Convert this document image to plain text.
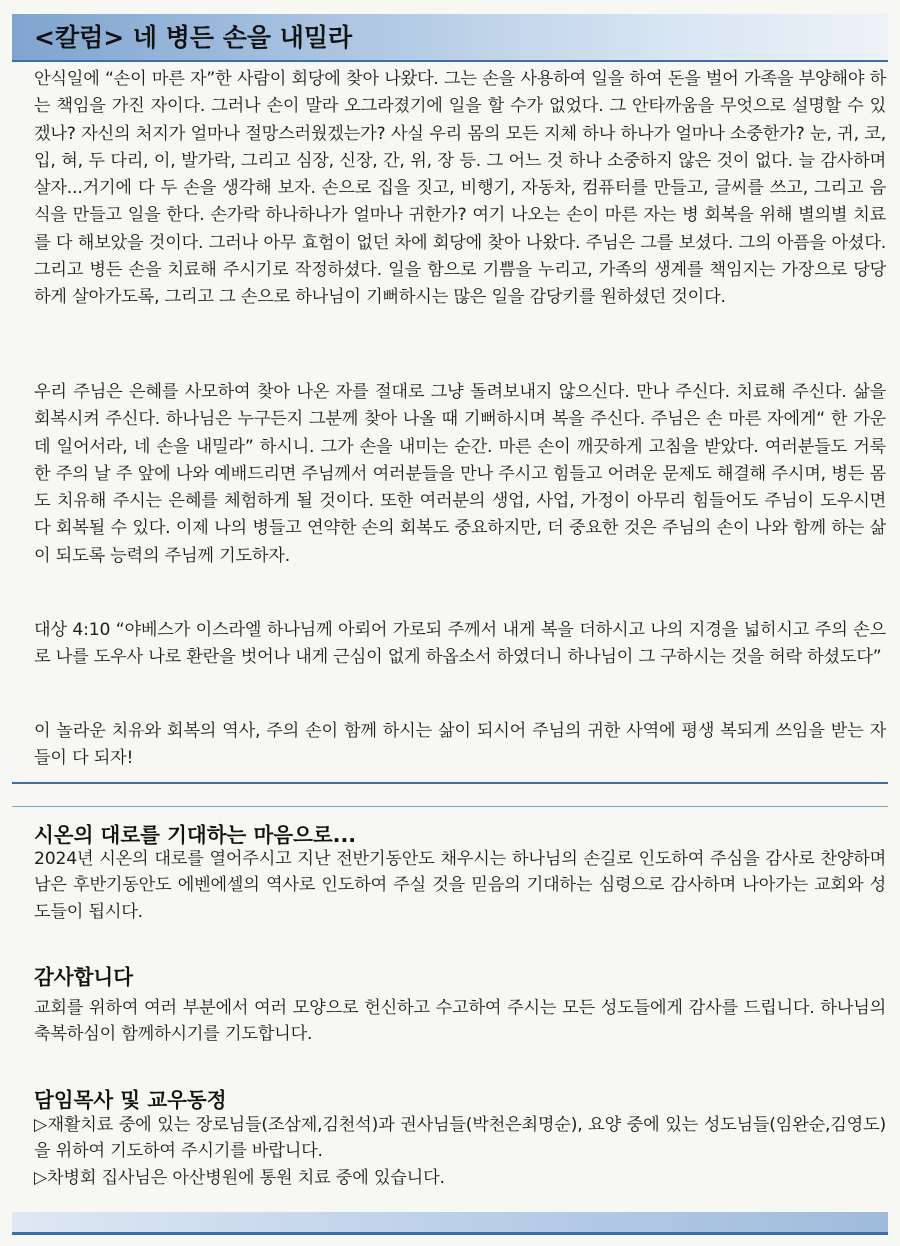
<칼럼> 네 병든 손을 내밀라

안식일에 “손이 마른 자”한 사람이 회당에 찾아 나왔다. 그는 손을 사용하여 일을 하여 돈을 벌어 가족을 부양해야 하는 책임을 가진 자이다. 그러나 손이 말라 오그라졌기에 일을 할 수가 없었다. 그 안타까움을 무엇으로 설명할 수 있겠나? 자신의 처지가 얼마나 절망스러웠겠는가? 사실 우리 몸의 모든 지체 하나 하나가 얼마나 소중한가? 눈, 귀, 코, 입, 혀, 두 다리, 이, 발가락, 그리고 심장, 신장, 간, 위, 장 등. 그 어느 것 하나 소중하지 않은 것이 없다. 늘 감사하며 살자...거기에 다 두 손을 생각해 보자. 손으로 집을 짓고, 비행기, 자동차, 컴퓨터를 만들고, 글씨를 쓰고, 그리고 음식을 만들고 일을 한다. 손가락 하나하나가 얼마나 귀한가? 여기 나오는 손이 마른 자는 병 회복을 위해 별의별 치료를 다 해보았을 것이다. 그러나 아무 효험이 없던 차에 회당에 찾아 나왔다. 주님은 그를 보셨다. 그의 아픔을 아셨다. 그리고 병든 손을 치료해 주시기로 작정하셨다. 일을 함으로 기쁨을 누리고, 가족의 생계를 책임지는 가장으로 당당하게 살아가도록, 그리고 그 손으로 하나님이 기뻐하시는 많은 일을 감당키를 원하셨던 것이다.

우리 주님은 은혜를 사모하여 찾아 나온 자를 절대로 그냥 돌려보내지 않으신다. 만나 주신다. 치료해 주신다. 삶을 회복시켜 주신다. 하나님은 누구든지 그분께 찾아 나올 때 기뻐하시며 복을 주신다. 주님은 손 마른 자에게“ 한 가운데 일어서라, 네 손을 내밀라” 하시니. 그가 손을 내미는 순간. 마른 손이 깨끗하게 고침을 받았다. 여러분들도 거룩한 주의 날 주 앞에 나와 예배드리면 주님께서 여러분들을 만나 주시고 힘들고 어려운 문제도 해결해 주시며, 병든 몸도 치유해 주시는 은혜를 체험하게 될 것이다. 또한 여러분의 생업, 사업, 가정이 아무리 힘들어도 주님이 도우시면 다 회복될 수 있다. 이제 나의 병들고 연약한 손의 회복도 중요하지만, 더 중요한 것은 주님의 손이 나와 함께 하는 삶이 되도록 능력의 주님께 기도하자.

대상 4:10 “야베스가 이스라엘 하나님께 아뢰어 가로되 주께서 내게 복을 더하시고 나의 지경을 넓히시고 주의 손으로 나를 도우사 나로 환란을 벗어나 내게 근심이 없게 하옵소서 하였더니 하나님이 그 구하시는 것을 허락 하셨도다”

이 놀라운 치유와 회복의 역사, 주의 손이 함께 하시는 삶이 되시어 주님의 귀한 사역에 평생 복되게 쓰임을 받는 자들이 다 되자!

시온의 대로를 기대하는 마음으로...

2024년 시온의 대로를 열어주시고 지난 전반기동안도 채우시는 하나님의 손길로 인도하여 주심을 감사로 찬양하며 남은 후반기동안도 에벤에셀의 역사로 인도하여 주실 것을 믿음의 기대하는 심령으로 감사하며 나아가는 교회와 성도들이 됩시다.

감사합니다

교회를 위하여 여러 부분에서 여러 모양으로 헌신하고 수고하여 주시는 모든 성도들에게 감사를 드립니다. 하나님의 축복하심이 함께하시기를 기도합니다.

담임목사 및 교우동정
▷재활치료 중에 있는 장로님들(조삼제,김천석)과 권사님들(박천은최명순), 요양 중에 있는 성도님들(임완순,김영도)을 위하여 기도하여 주시기를 바랍니다.
▷차병회 집사님은 아산병원에 통원 치료 중에 있습니다.
